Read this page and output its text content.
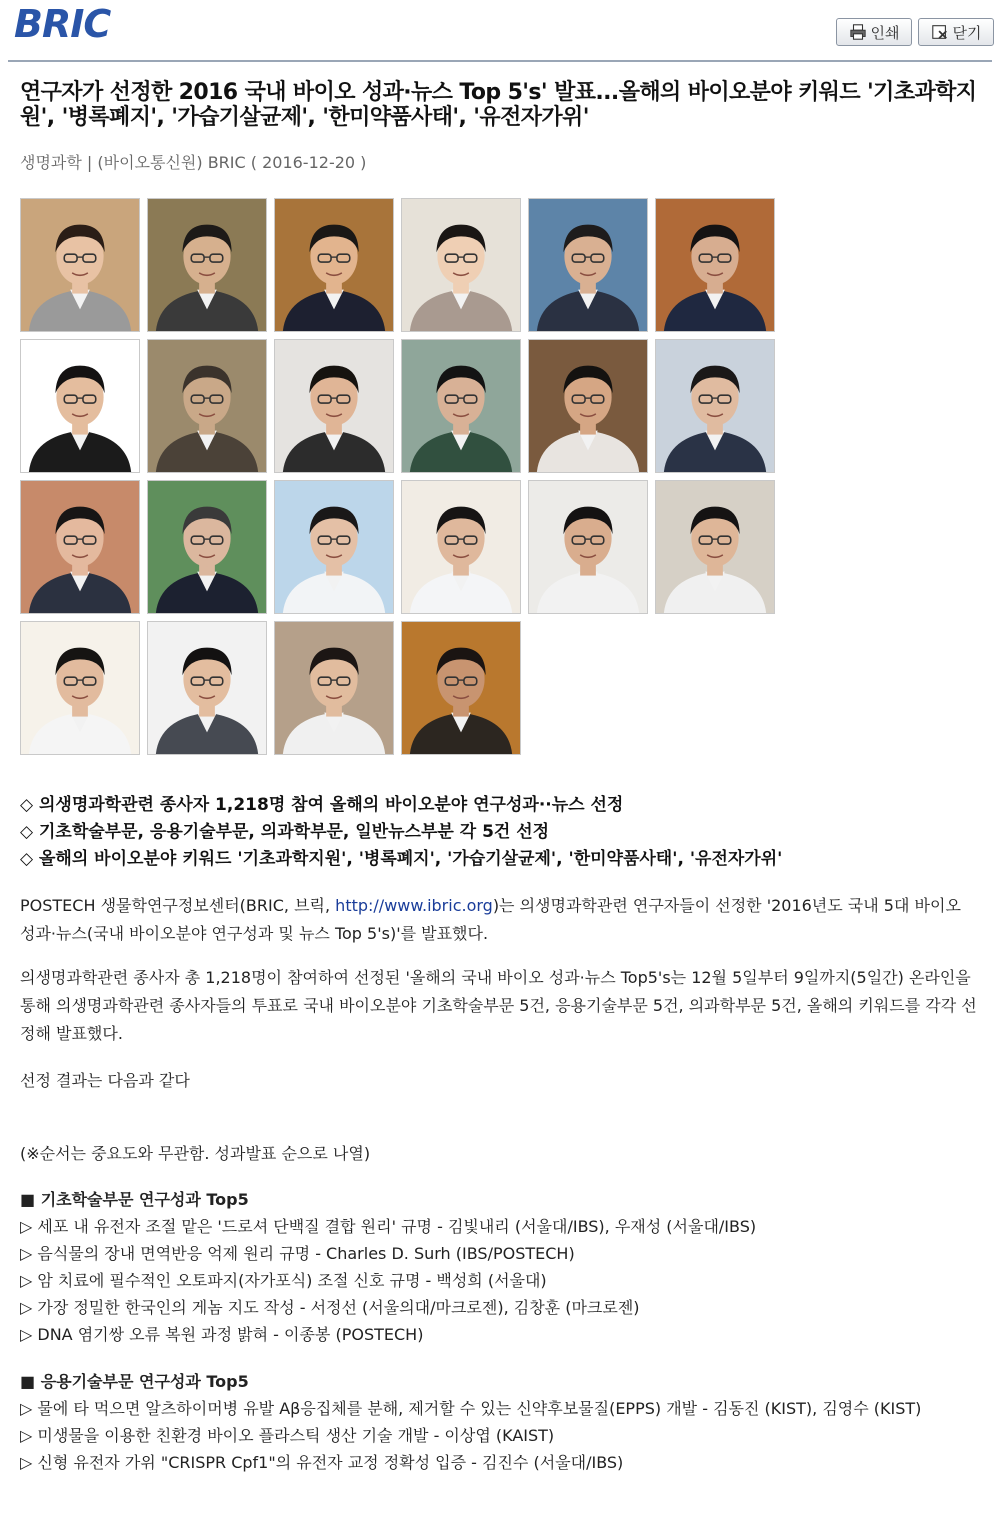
BRIC	인쇄	닫기
연구자가 선정한 2016 국내 바이오 성과·뉴스 Top 5's' 발표...올해의 바이오분야 키워드 '기초과학지원', '병록폐지', '가습기살균제', '한미약품사태', '유전자가위'
생명과학 | (바이오통신원) BRIC ( 2016-12-20 )
◇ 의생명과학관련 종사자 1,218명 참여 올해의 바이오분야 연구성과··뉴스 선정
◇ 기초학술부문, 응용기술부문, 의과학부문, 일반뉴스부분 각 5건 선정
◇ 올해의 바이오분야 키워드 '기초과학지원', '병록폐지', '가습기살균제', '한미약품사태', '유전자가위'
POSTECH 생물학연구정보센터(BRIC, 브릭, http://www.ibric.org)는 의생명과학관련 연구자들이 선정한 '2016년도 국내 5대 바이오 성과·뉴스(국내 바이오분야 연구성과 및 뉴스 Top 5's)'를 발표했다.
의생명과학관련 종사자 총 1,218명이 참여하여 선정된 '올해의 국내 바이오 성과·뉴스 Top5's는 12월 5일부터 9일까지(5일간) 온라인을 통해 의생명과학관련 종사자들의 투표로 국내 바이오분야 기초학술부문 5건, 응용기술부문 5건, 의과학부문 5건, 올해의 키워드를 각각 선정해 발표했다.
선정 결과는 다음과 같다
(※순서는 중요도와 무관함. 성과발표 순으로 나열)
■ 기초학술부문 연구성과 Top5
▷ 세포 내 유전자 조절 맡은 '드로셔 단백질 결합 원리' 규명 - 김빛내리 (서울대/IBS), 우재성 (서울대/IBS)
▷ 음식물의 장내 면역반응 억제 원리 규명 - Charles D. Surh (IBS/POSTECH)
▷ 암 치료에 필수적인 오토파지(자가포식) 조절 신호 규명 - 백성희 (서울대)
▷ 가장 정밀한 한국인의 게놈 지도 작성 - 서정선 (서울의대/마크로젠), 김창훈 (마크로젠)
▷ DNA 염기쌍 오류 복원 과정 밝혀 - 이종봉 (POSTECH)
■ 응용기술부문 연구성과 Top5
▷ 물에 타 먹으면 알츠하이머병 유발 Aβ응집체를 분해, 제거할 수 있는 신약후보물질(EPPS) 개발 - 김동진 (KIST), 김영수 (KIST)
▷ 미생물을 이용한 친환경 바이오 플라스틱 생산 기술 개발 - 이상엽 (KAIST)
▷ 신형 유전자 가위 "CRISPR Cpf1"의 유전자 교정 정확성 입증 - 김진수 (서울대/IBS)
